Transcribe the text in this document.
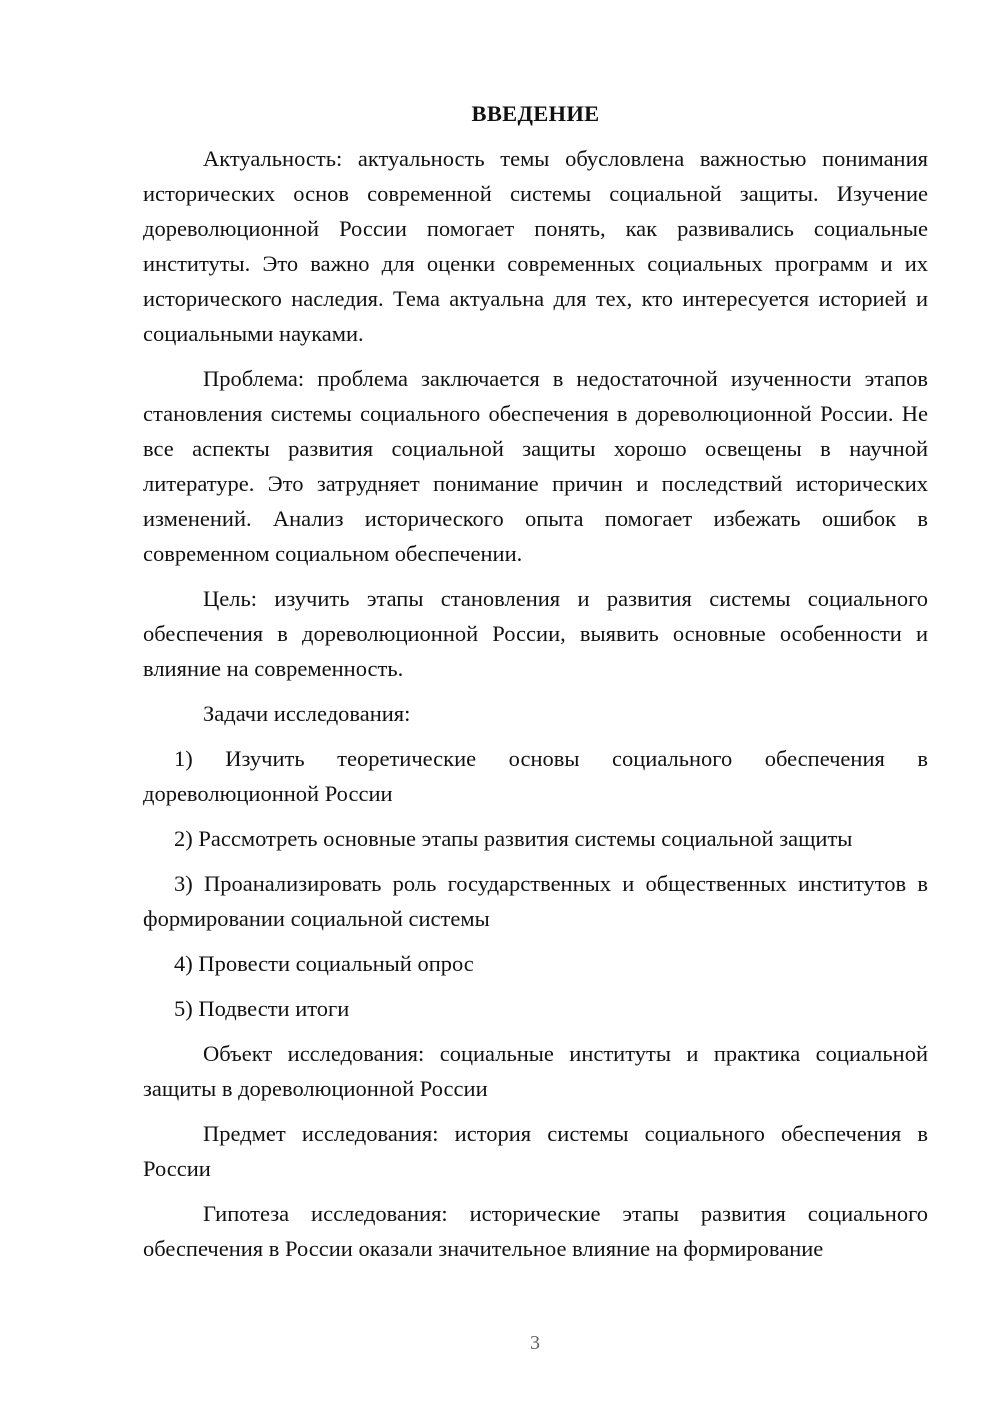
ВВЕДЕНИЕ

Актуальность: актуальность темы обусловлена важностью понимания исторических основ современной системы социальной защиты. Изучение дореволюционной России помогает понять, как развивались социальные институты. Это важно для оценки современных социальных программ и их исторического наследия. Тема актуальна для тех, кто интересуется историей и социальными науками.

Проблема: проблема заключается в недостаточной изученности этапов становления системы социального обеспечения в дореволюционной России. Не все аспекты развития социальной защиты хорошо освещены в научной литературе. Это затрудняет понимание причин и последствий исторических изменений. Анализ исторического опыта помогает избежать ошибок в современном социальном обеспечении.

Цель: изучить этапы становления и развития системы социального обеспечения в дореволюционной России, выявить основные особенности и влияние на современность.

Задачи исследования:

1) Изучить теоретические основы социального обеспечения в дореволюционной России

2) Рассмотреть основные этапы развития системы социальной защиты

3) Проанализировать роль государственных и общественных институтов в формировании социальной системы

4) Провести социальный опрос

5) Подвести итоги

Объект исследования: социальные институты и практика социальной защиты в дореволюционной России

Предмет исследования: история системы социального обеспечения в России

Гипотеза исследования: исторические этапы развития социального обеспечения в России оказали значительное влияние на формирование

3
